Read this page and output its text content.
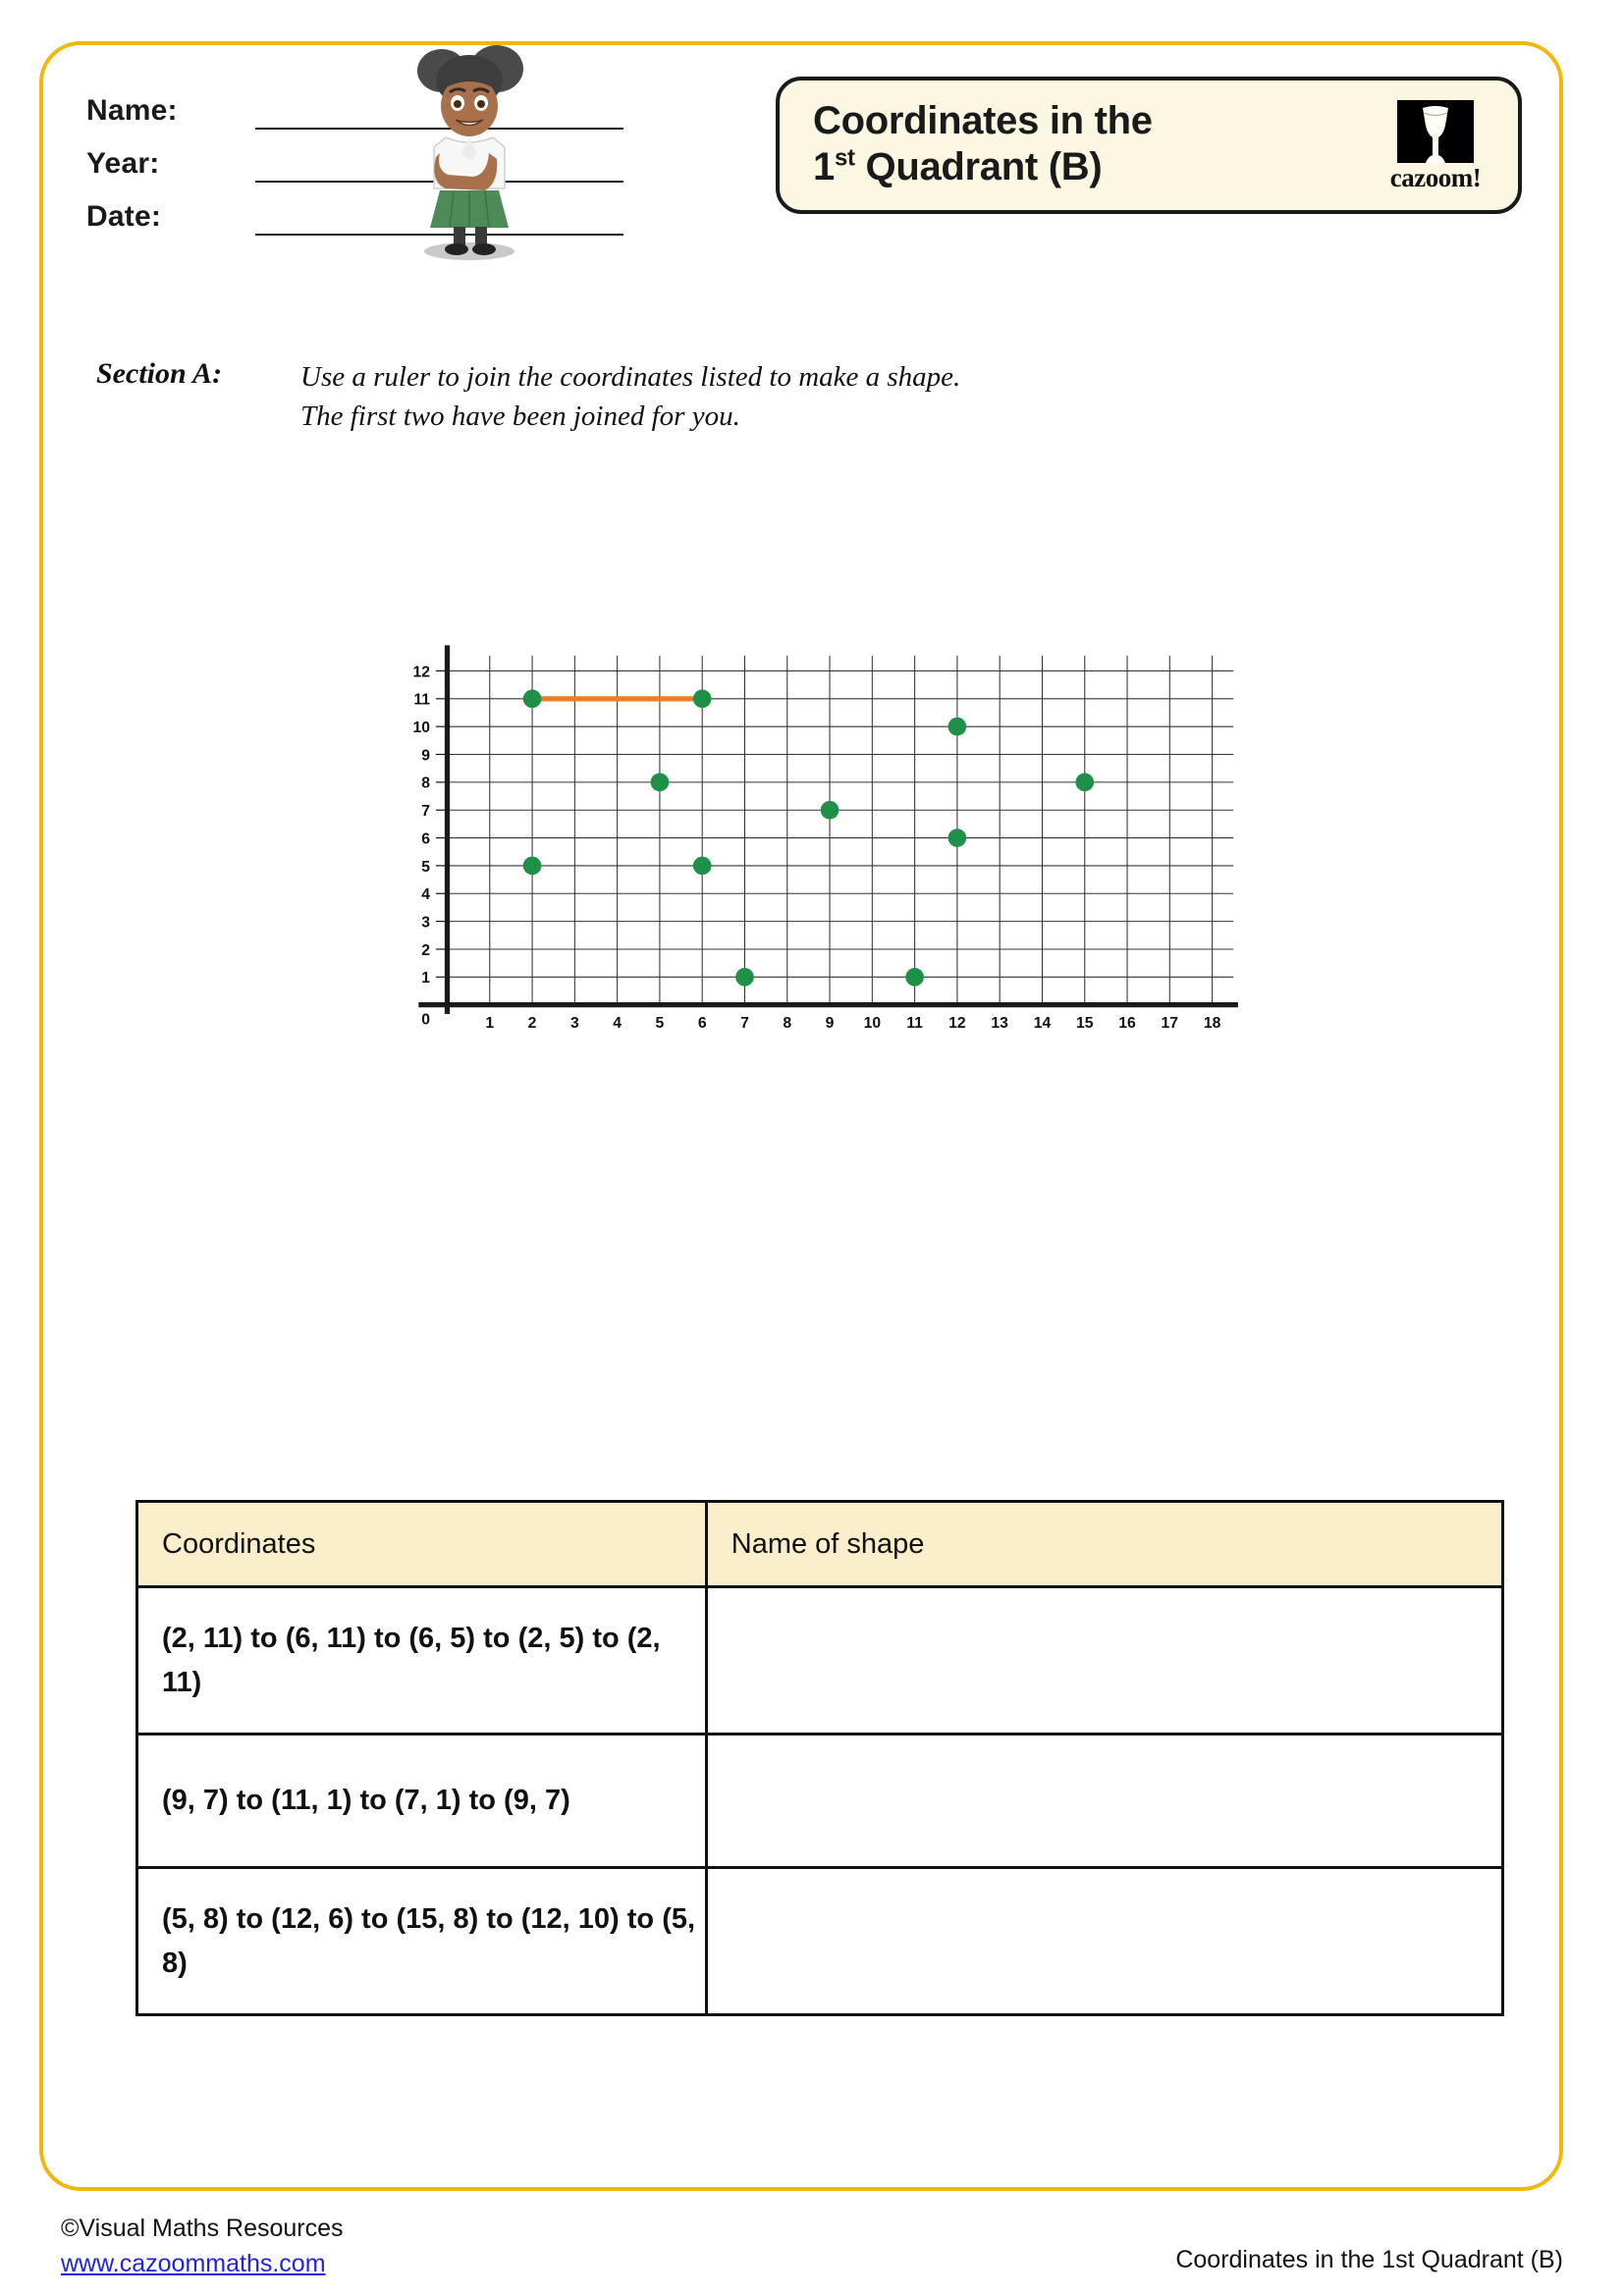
Name:
Year:
Date:
Coordinates in the
1st Quadrant (B)	cazoom!
Section A:	Use a ruler to join the coordinates listed to make a shape.
The first two have been joined for you.
1
2
3
4
5
6
7
8
9
10
11
12
0 1 2 3 4 5 6 7 8 9 10 11 12 13 14 15 16 17 18
Coordinates	Name of shape

(2, 11) to (6, 11) to (6, 5) to (2, 5) to (2, 11)	

(9, 7) to (11, 1) to (7, 1) to (9, 7)	

(5, 8) to (12, 6) to (15, 8) to (12, 10) to (5, 8)	

©Visual Maths Resources
www.cazoommaths.com	Coordinates in the 1st Quadrant (B)
